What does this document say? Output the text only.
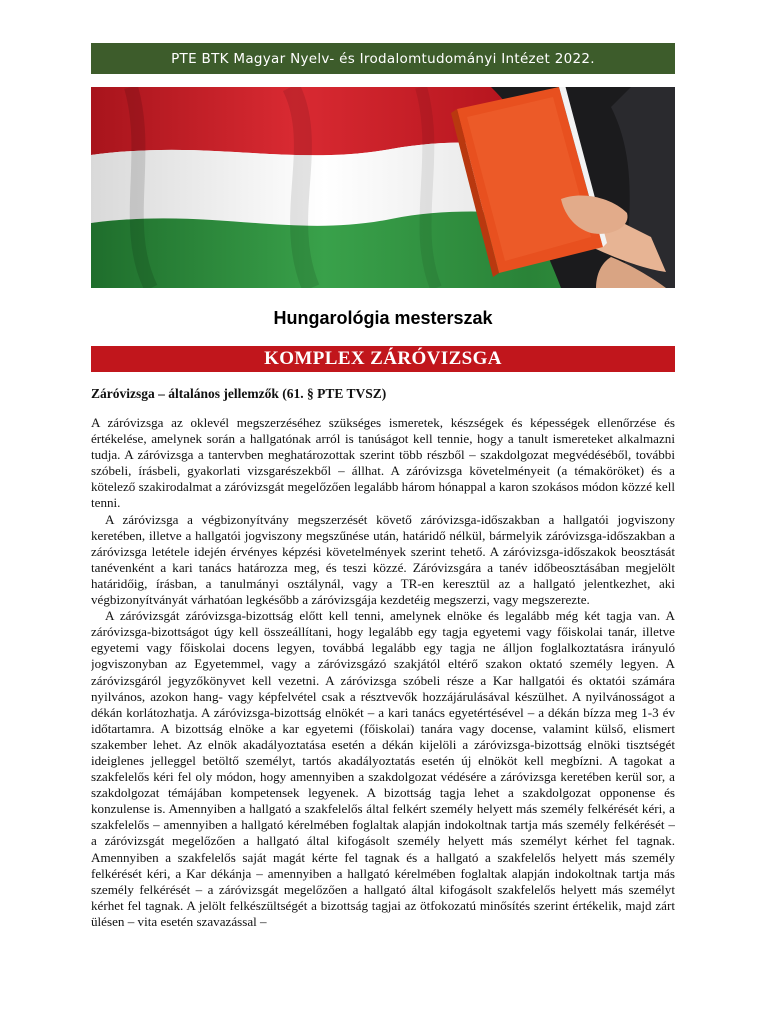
PTE BTK Magyar Nyelv- és Irodalomtudományi Intézet 2022.
Hungarológia mesterszak
KOMPLEX ZÁRÓVIZSGA
Záróvizsga – általános jellemzők (61. § PTE TVSZ)

A záróvizsga az oklevél megszerzéséhez szükséges ismeretek, készségek és képességek ellenőrzése és értékelése, amelynek során a hallgatónak arról is tanúságot kell tennie, hogy a tanult ismereteket alkalmazni tudja. A záróvizsga a tantervben meghatározottak szerint több részből – szakdolgozat megvédéséből, további szóbeli, írásbeli, gyakorlati vizsgarészekből – állhat. A záróvizsga követelményeit (a témaköröket) és a kötelező szakirodalmat a záróvizsgát megelőzően legalább három hónappal a karon szokásos módon közzé kell tenni.

A záróvizsga a végbizonyítvány megszerzését követő záróvizsga-időszakban a hallgatói jogviszony keretében, illetve a hallgatói jogviszony megszűnése után, határidő nélkül, bármelyik záróvizsga-időszakban a záróvizsga letétele idején érvényes képzési követelmények szerint tehető. A záróvizsga-időszakok beosztását tanévenként a kari tanács határozza meg, és teszi közzé. Záróvizsgára a tanév időbeosztásában megjelölt határidőig, írásban, a tanulmányi osztálynál, vagy a TR-en keresztül az a hallgató jelentkezhet, aki végbizonyítványát várhatóan legkésőbb a záróvizsgája kezdetéig megszerzi, vagy megszerezte.

A záróvizsgát záróvizsga-bizottság előtt kell tenni, amelynek elnöke és legalább még két tagja van. A záróvizsga-bizottságot úgy kell összeállítani, hogy legalább egy tagja egyetemi vagy főiskolai tanár, illetve egyetemi vagy főiskolai docens legyen, továbbá legalább egy tagja ne álljon foglalkoztatásra irányuló jogviszonyban az Egyetemmel, vagy a záróvizsgázó szakjától eltérő szakon oktató személy legyen. A záróvizsgáról jegyzőkönyvet kell vezetni. A záróvizsga szóbeli része a Kar hallgatói és oktatói számára nyilvános, azokon hang- vagy képfelvétel csak a résztvevők hozzájárulásával készülhet. A nyilvánosságot a dékán korlátozhatja. A záróvizsga-bizottság elnökét – a kari tanács egyetértésével – a dékán bízza meg 1-3 év időtartamra. A bizottság elnöke a kar egyetemi (főiskolai) tanára vagy docense, valamint külső, elismert szakember lehet. Az elnök akadályoztatása esetén a dékán kijelöli a záróvizsga-bizottság elnöki tisztségét ideiglenes jelleggel betöltő személyt, tartós akadályoztatás esetén új elnököt kell megbízni. A tagokat a szakfelelős kéri fel oly módon, hogy amennyiben a szakdolgozat védésére a záróvizsga keretében kerül sor, a szakdolgozat témájában kompetensek legyenek. A bizottság tagja lehet a szakdolgozat opponense és konzulense is. Amennyiben a hallgató a szakfelelős által felkért személy helyett más személy felkérését kéri, a szakfelelős – amennyiben a hallgató kérelmében foglaltak alapján indokoltnak tartja más személy felkérését – a záróvizsgát megelőzően a hallgató által kifogásolt személy helyett más személyt kérhet fel tagnak. Amennyiben a szakfelelős saját magát kérte fel tagnak és a hallgató a szakfelelős helyett más személy felkérését kéri, a Kar dékánja – amennyiben a hallgató kérelmében foglaltak alapján indokoltnak tartja más személy felkérését – a záróvizsgát megelőzően a hallgató által kifogásolt szakfelelős helyett más személyt kérhet fel tagnak. A jelölt felkészültségét a bizottság tagjai az ötfokozatú minősítés szerint értékelik, majd zárt ülésen – vita esetén szavazással –
